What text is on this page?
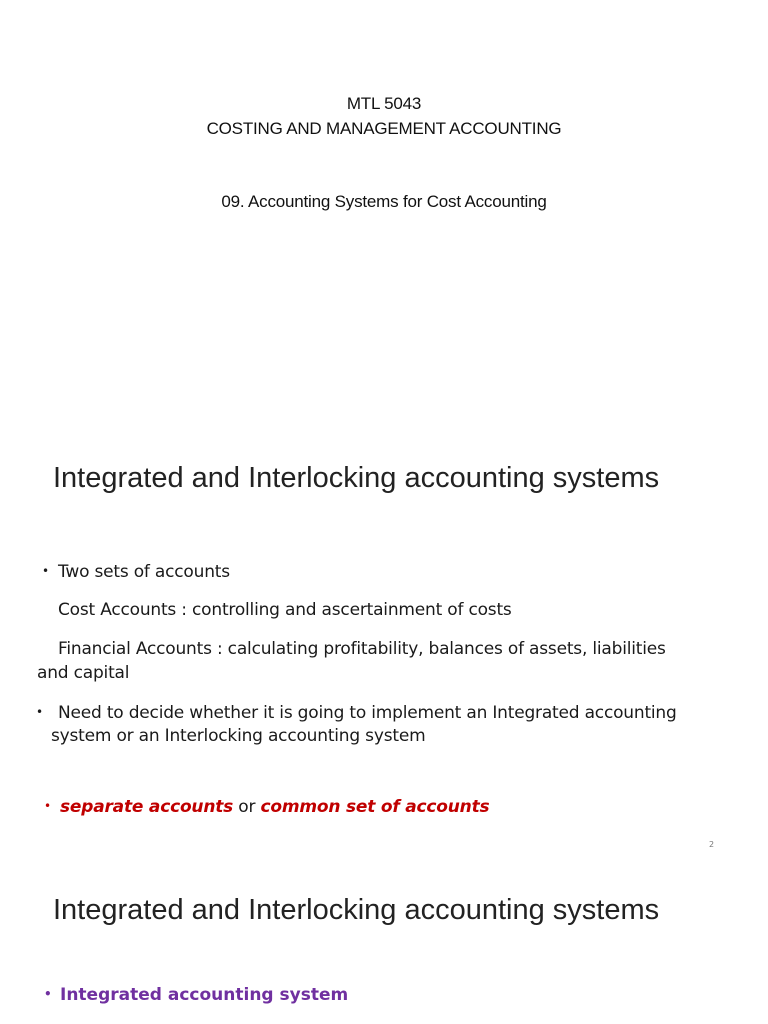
MTL 5043
COSTING AND MANAGEMENT ACCOUNTING
09. Accounting Systems for Cost Accounting
Integrated and Interlocking accounting systems
• Two sets of accounts
Cost Accounts : controlling and ascertainment of costs
Financial Accounts : calculating profitability, balances of assets, liabilities
and capital
• Need to decide whether it is going to implement an Integrated accounting
system or an Interlocking accounting system
• separate accounts or common set of accounts
2
Integrated and Interlocking accounting systems
• Integrated accounting system
